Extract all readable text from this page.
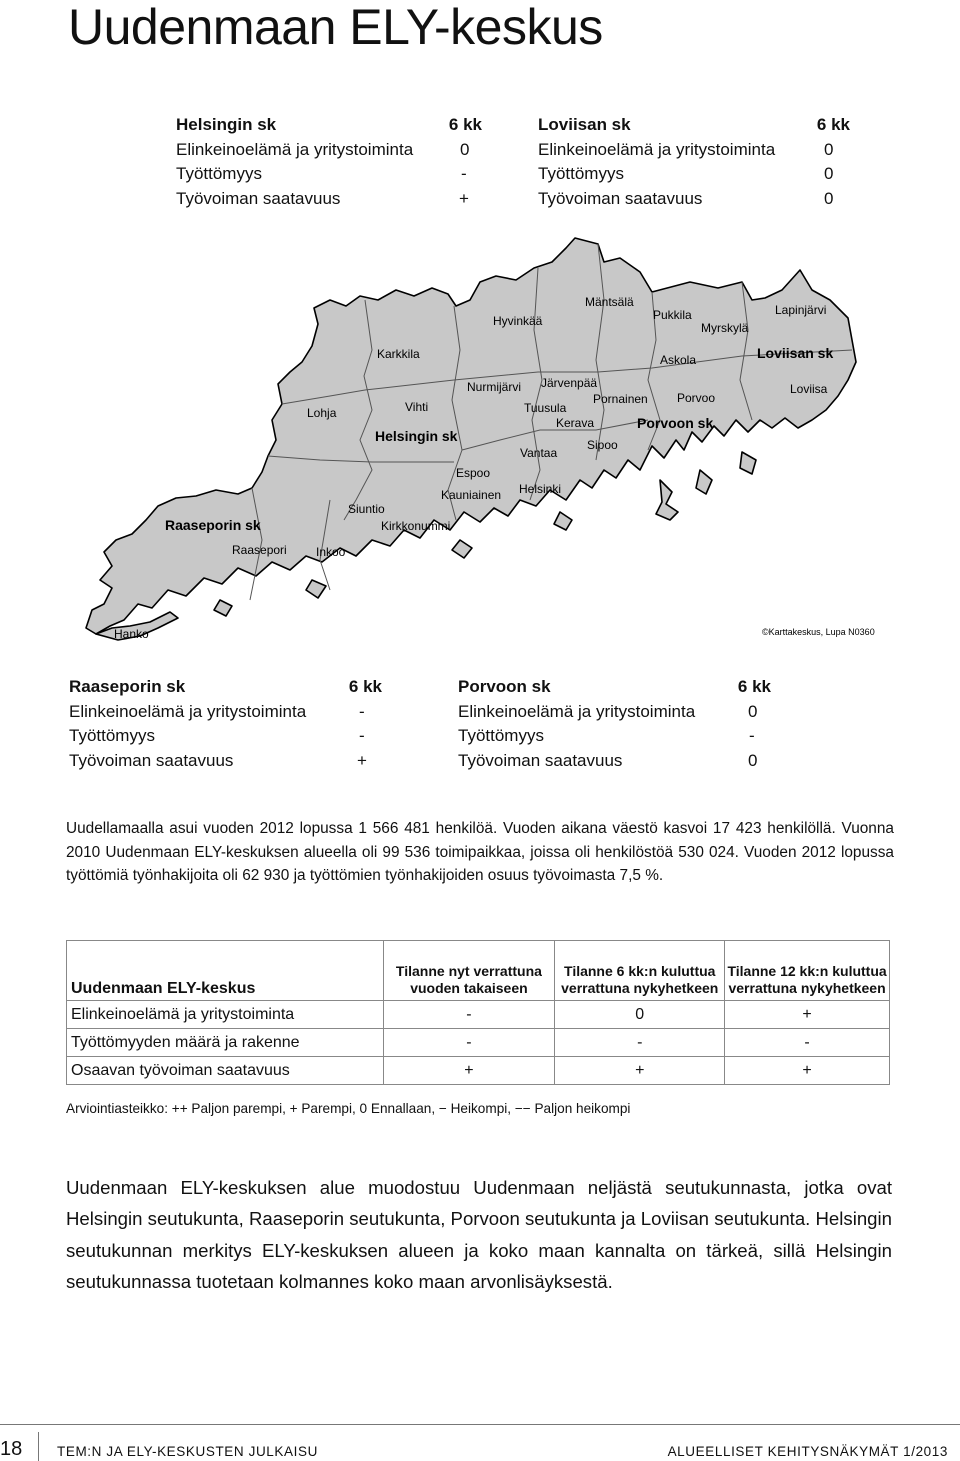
Uudenmaan ELY-keskus
Helsingin sk	6 kk
Elinkeinoelämä ja yritystoiminta	0
Työttömyys	-
Työvoiman saatavuus	+
Loviisan sk	6 kk
Elinkeinoelämä ja yritystoiminta	0
Työttömyys	0
Työvoiman saatavuus	0
Hyvinkää
Mäntsälä
Pukkila
Myrskylä
Lapinjärvi
Karkkila	Askola
Nurmijärvi Järvenpää
Pornainen Porvoo
Loviisa
Lohja	Vihti	Tuusula
Kerava
Sipoo
Vantaa
Espoo
Kauniainen Helsinki
Siuntio
Kirkkonummi
Raasepori Inkoo
Hanko
Helsingin sk
Loviisan sk
Porvoon sk
Raaseporin sk
©Karttakeskus, Lupa N0360
Raaseporin sk	6 kk
Elinkeinoelämä ja yritystoiminta	-
Työttömyys	-
Työvoiman saatavuus	+
Porvoon sk	6 kk
Elinkeinoelämä ja yritystoiminta	0
Työttömyys	-
Työvoiman saatavuus	0
Uudellamaalla asui vuoden 2012 lopussa 1 566 481 henkilöä. Vuoden aikana väestö kasvoi 17 423 henkilöllä. Vuonna 2010 Uudenmaan ELY-keskuksen alueella oli 99 536 toimipaikkaa, joissa oli henkilöstöä 530 024. Vuoden 2012 lopussa työttömiä työnhakijoita oli 62 930 ja työttömien työnhakijoiden osuus työvoimasta 7,5 %.
Uudenmaan ELY-keskus	Tilanne nyt verrattuna vuoden takaiseen	Tilanne 6 kk:n kuluttua verrattuna nykyhetkeen	Tilanne 12 kk:n kuluttua verrattuna nykyhetkeen
Elinkeinoelämä ja yritystoiminta	-	0	+
Työttömyyden määrä ja rakenne	-	-	-
Osaavan työvoiman saatavuus	+	+	+
Arviointiasteikko: ++ Paljon parempi, + Parempi, 0 Ennallaan, − Heikompi, −− Paljon heikompi
Uudenmaan ELY-keskuksen alue muodostuu Uudenmaan neljästä seutukunnasta, jotka ovat Helsingin seutukunta, Raaseporin seutukunta, Porvoon seutukunta ja Loviisan seutukunta. Helsingin seutukunnan merkitys ELY-keskuksen alueen ja koko maan kannalta on tärkeä, sillä Helsingin seutukunnassa tuotetaan kolmannes koko maan arvonlisäyksestä.
18	TEM:N JA ELY-KESKUSTEN JULKAISU	ALUEELLISET KEHITYSNÄKYMÄT 1/2013
